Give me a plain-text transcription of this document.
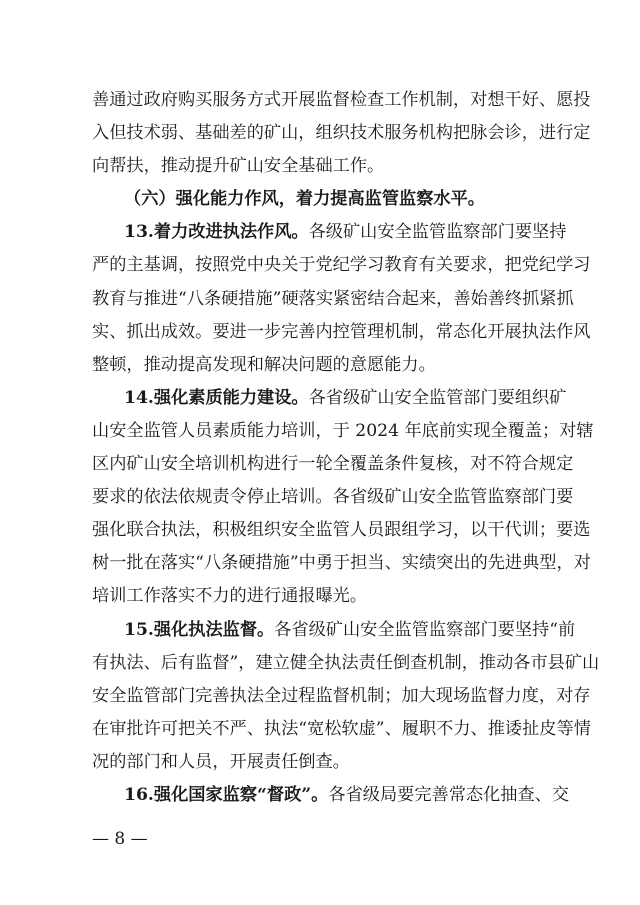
善通过政府购买服务方式开展监督检查工作机制，对想干好、愿投
入但技术弱、基础差的矿山，组织技术服务机构把脉会诊，进行定
向帮扶，推动提升矿山安全基础工作。
（六）强化能力作风，着力提高监管监察水平。
13.着力改进执法作风。各级矿山安全监管监察部门要坚持
严的主基调，按照党中央关于党纪学习教育有关要求，把党纪学习
教育与推进“八条硬措施”硬落实紧密结合起来，善始善终抓紧抓
实、抓出成效。要进一步完善内控管理机制，常态化开展执法作风
整顿，推动提高发现和解决问题的意愿能力。
14.强化素质能力建设。各省级矿山安全监管部门要组织矿
山安全监管人员素质能力培训，于 2024 年底前实现全覆盖；对辖
区内矿山安全培训机构进行一轮全覆盖条件复核，对不符合规定
要求的依法依规责令停止培训。各省级矿山安全监管监察部门要
强化联合执法，积极组织安全监管人员跟组学习，以干代训；要选
树一批在落实“八条硬措施”中勇于担当、实绩突出的先进典型，对
培训工作落实不力的进行通报曝光。
15.强化执法监督。各省级矿山安全监管监察部门要坚持“前
有执法、后有监督”，建立健全执法责任倒查机制，推动各市县矿山
安全监管部门完善执法全过程监督机制；加大现场监督力度，对存
在审批许可把关不严、执法“宽松软虚”、履职不力、推诿扯皮等情
况的部门和人员，开展责任倒查。
16.强化国家监察“督政”。各省级局要完善常态化抽查、交
— 8 —
